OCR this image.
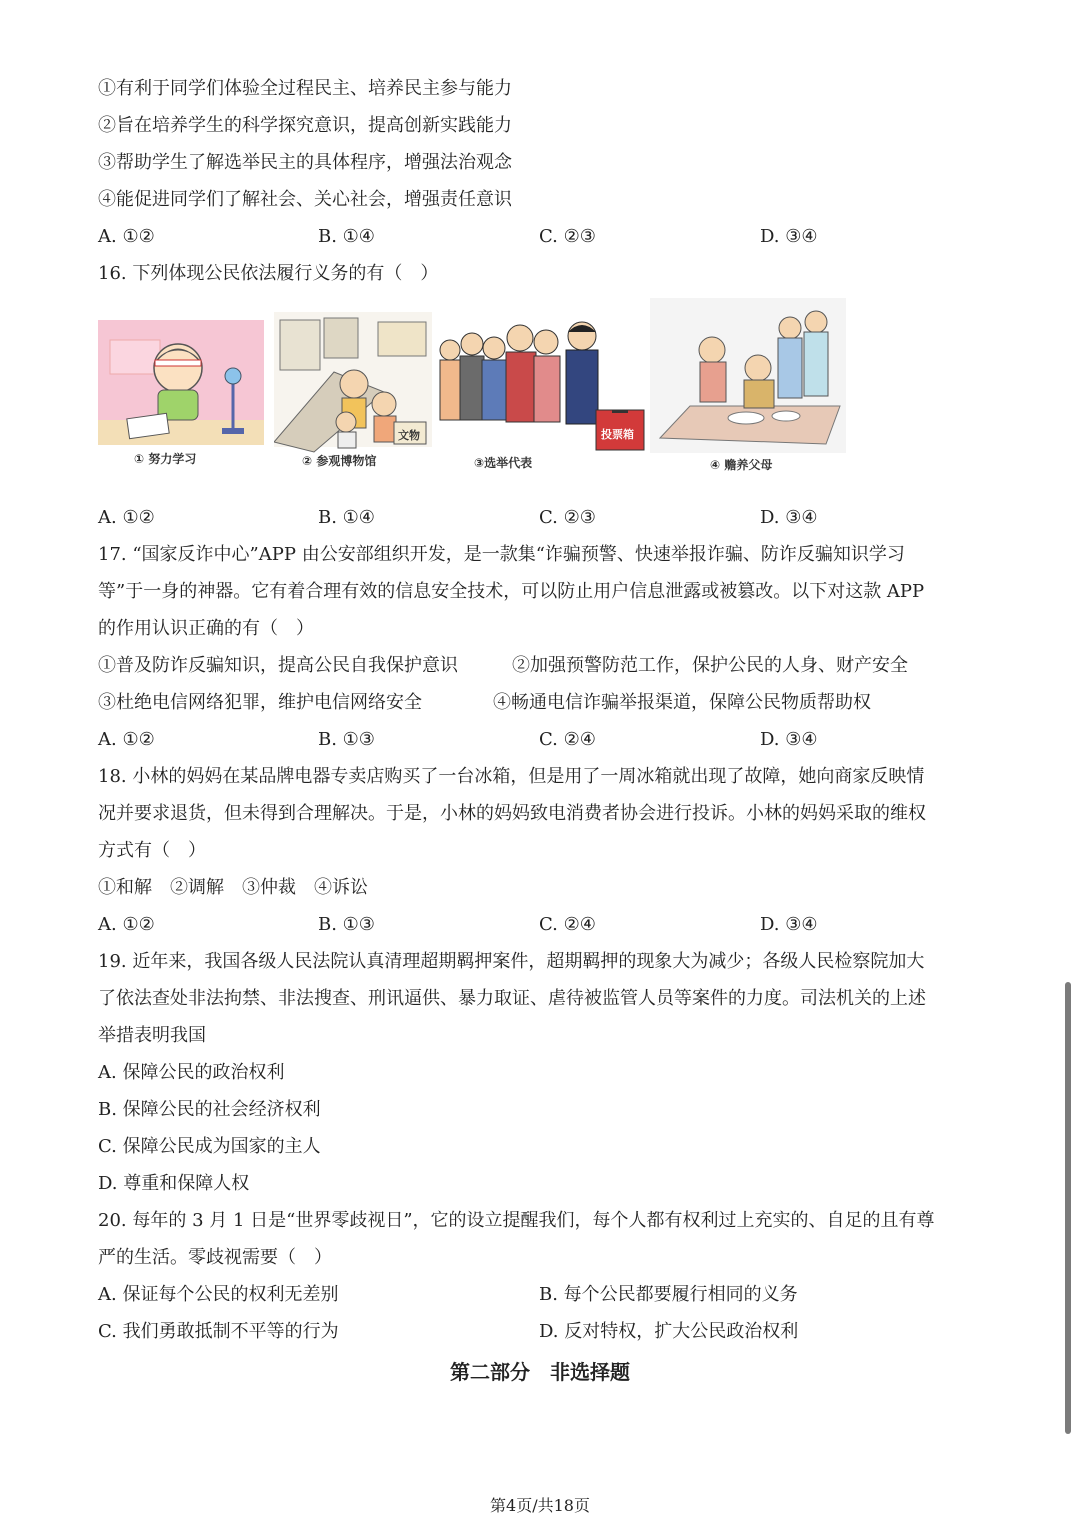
①有利于同学们体验全过程民主、培养民主参与能力
②旨在培养学生的科学探究意识，提高创新实践能力
③帮助学生了解选举民主的具体程序，增强法治观念
④能促进同学们了解社会、关心社会，增强责任意识
A. ①②	B. ①④	C. ②③	D. ③④
16. 下列体现公民依法履行义务的有（　）
① 努力学习
文物
② 参观博物馆
投票箱
③选举代表	④ 赡养父母
A. ①②	B. ①④	C. ②③	D. ③④
17. “国家反诈中心”APP 由公安部组织开发，是一款集“诈骗预警、快速举报诈骗、防诈反骗知识学习
等”于一身的神器。它有着合理有效的信息安全技术，可以防止用户信息泄露或被篡改。以下对这款 APP
的作用认识正确的有（　）
①普及防诈反骗知识，提高公民自我保护意识	②加强预警防范工作，保护公民的人身、财产安全
③杜绝电信网络犯罪，维护电信网络安全	④畅通电信诈骗举报渠道，保障公民物质帮助权
A. ①②	B. ①③	C. ②④	D. ③④
18. 小林的妈妈在某品牌电器专卖店购买了一台冰箱，但是用了一周冰箱就出现了故障，她向商家反映情
况并要求退货，但未得到合理解决。于是，小林的妈妈致电消费者协会进行投诉。小林的妈妈采取的维权
方式有（　）
①和解　②调解　③仲裁　④诉讼
A. ①②	B. ①③	C. ②④	D. ③④
19. 近年来，我国各级人民法院认真清理超期羁押案件，超期羁押的现象大为减少；各级人民检察院加大
了依法查处非法拘禁、非法搜查、刑讯逼供、暴力取证、虐待被监管人员等案件的力度。司法机关的上述
举措表明我国
A. 保障公民的政治权利
B. 保障公民的社会经济权利
C. 保障公民成为国家的主人
D. 尊重和保障人权
20. 每年的 3 月 1 日是“世界零歧视日”，它的设立提醒我们，每个人都有权利过上充实的、自足的且有尊
严的生活。零歧视需要（　）
A. 保证每个公民的权利无差别	B. 每个公民都要履行相同的义务
C. 我们勇敢抵制不平等的行为	D. 反对特权，扩大公民政治权利
第二部分　非选择题
第4页/共18页
